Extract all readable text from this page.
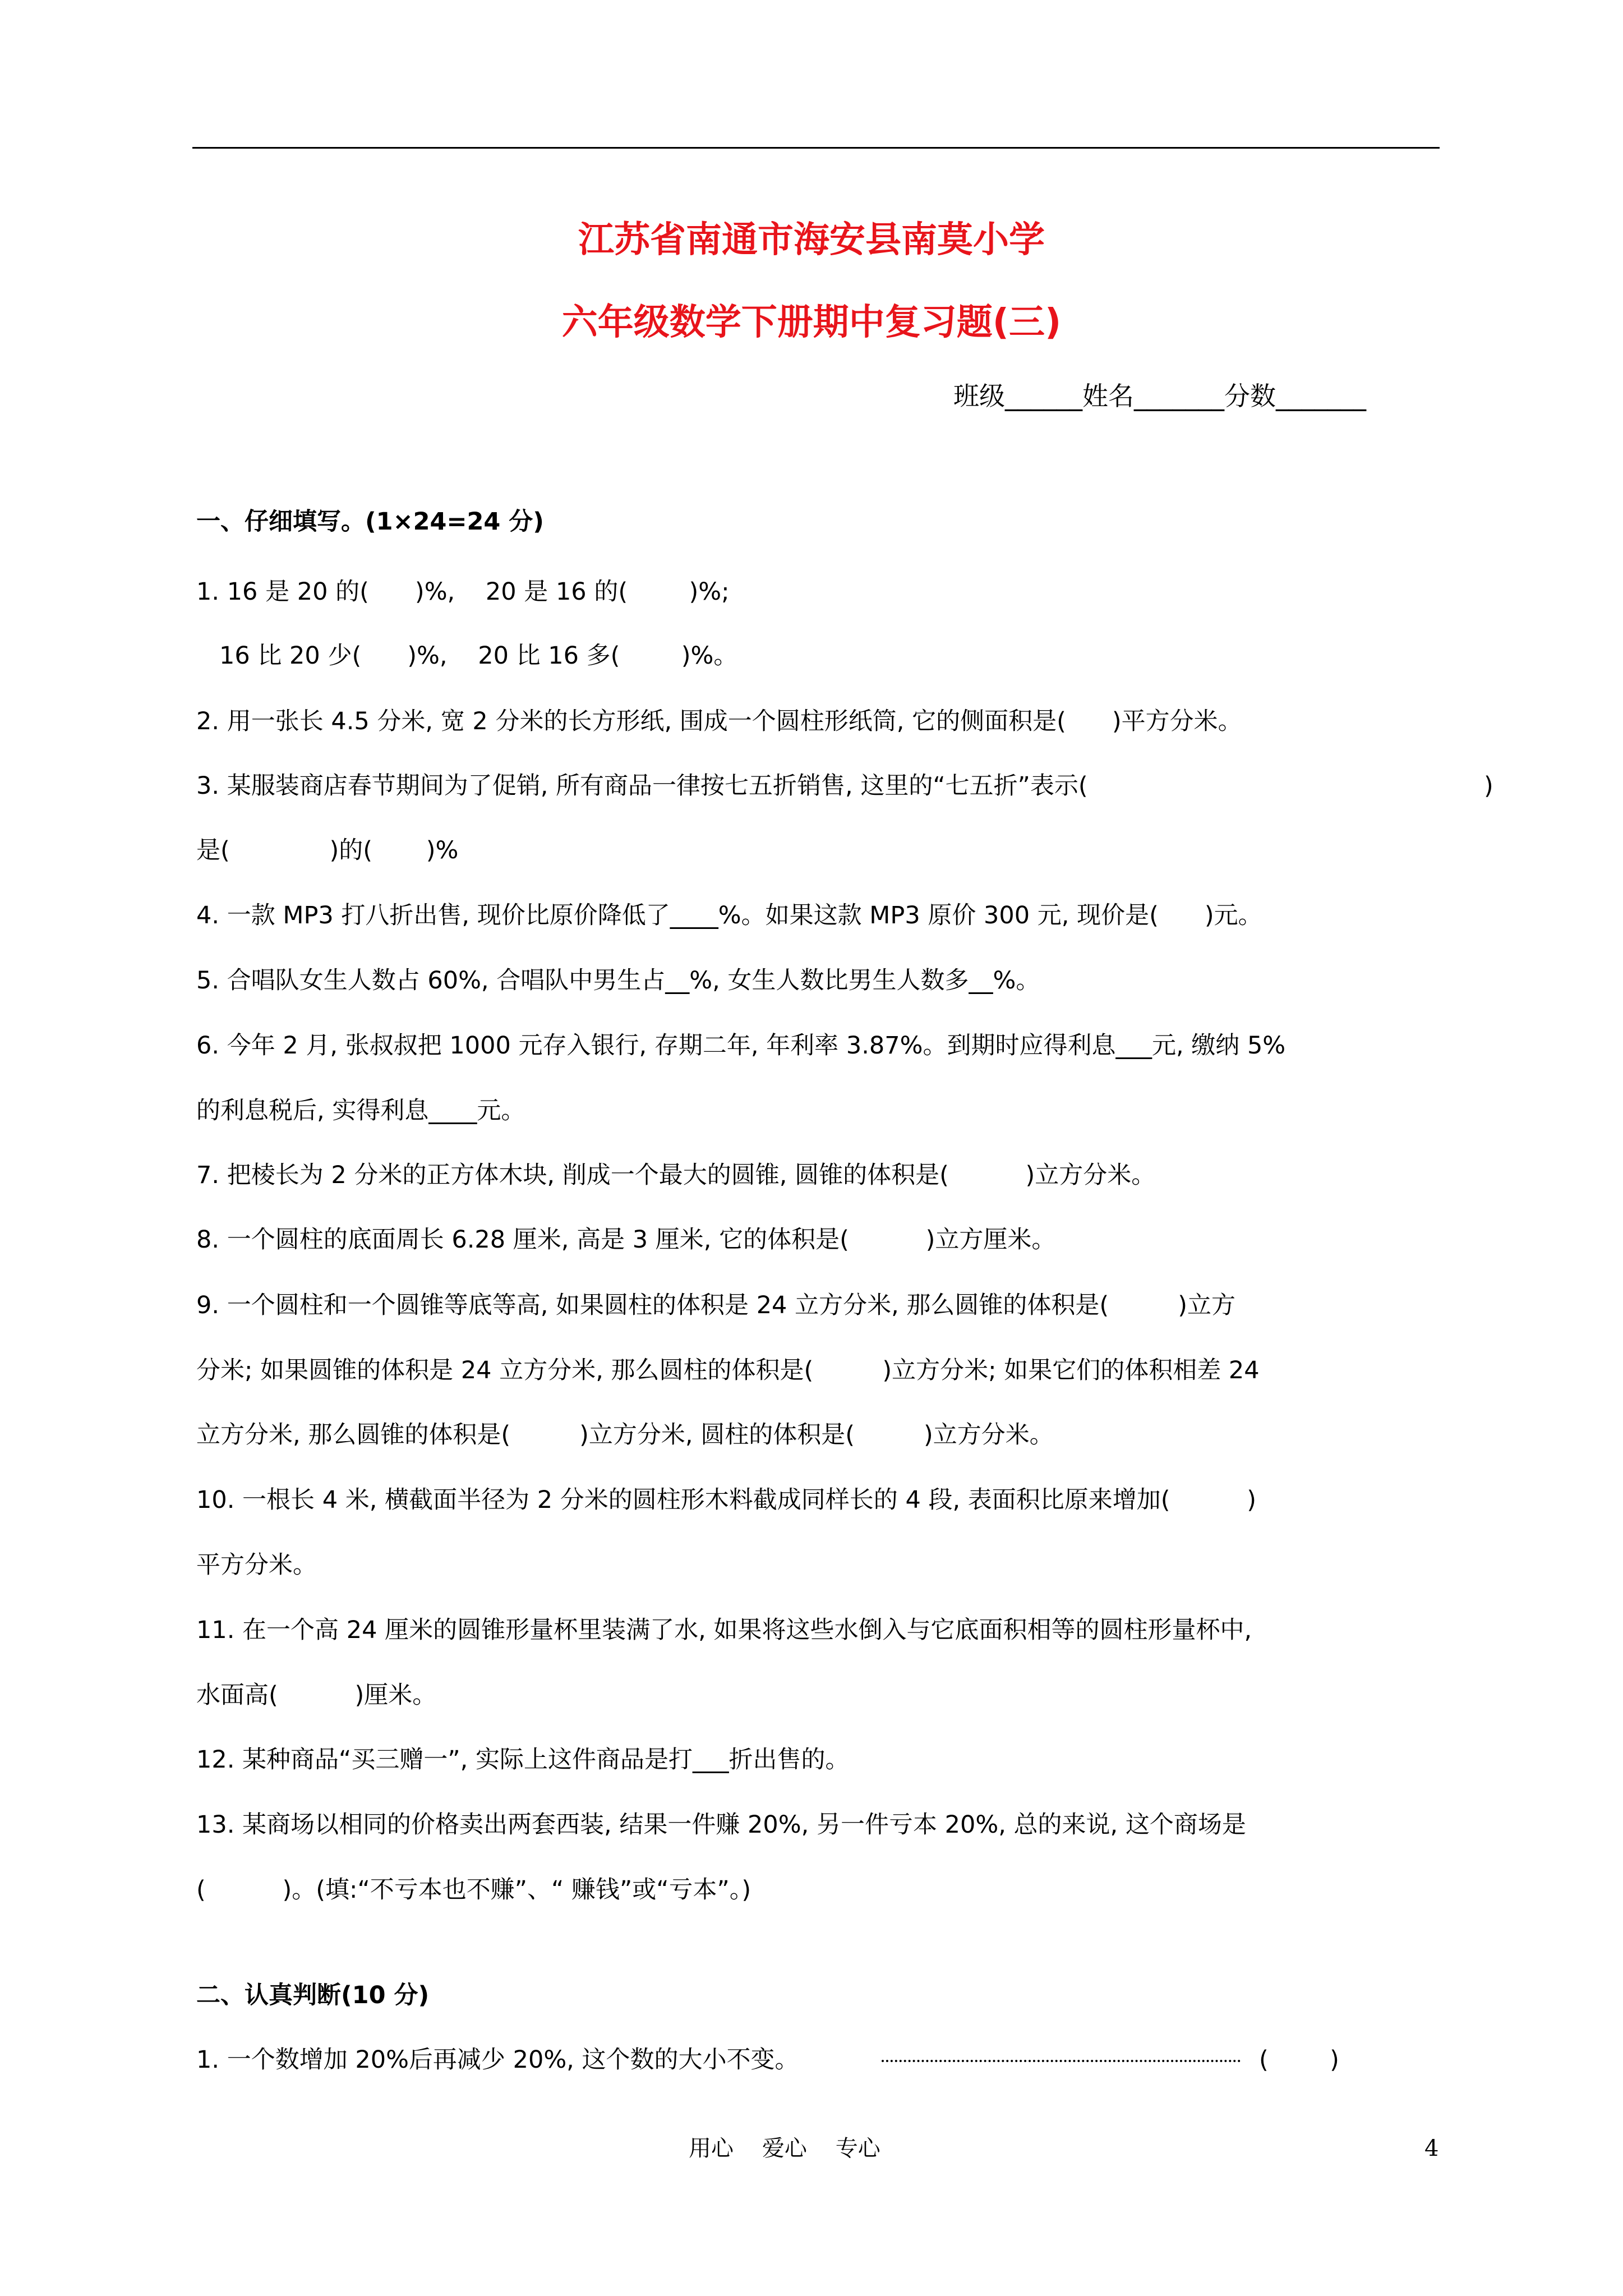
江苏省南通市海安县南莫小学
六年级数学下册期中复习题(三)
班级______姓名_______分数_______
一、仔细填写。(1×24=24 分)
1. 16 是 20 的(      )%,    20 是 16 的(        )%;
16 比 20 少(      )%,    20 比 16 多(        )%。
2. 用一张长 4.5 分米, 宽 2 分米的长方形纸, 围成一个圆柱形纸筒, 它的侧面积是(      )平方分米。
3. 某服装商店春节期间为了促销, 所有商品一律按七五折销售, 这里的“七五折”表示(	)
是(             )的(       )%
4. 一款 MP3 打八折出售, 现价比原价降低了____%。如果这款 MP3 原价 300 元, 现价是(      )元。
5. 合唱队女生人数占 60%, 合唱队中男生占__%, 女生人数比男生人数多__%。
6. 今年 2 月, 张叔叔把 1000 元存入银行, 存期二年, 年利率 3.87%。到期时应得利息___元, 缴纳 5%
的利息税后, 实得利息____元。
7. 把棱长为 2 分米的正方体木块, 削成一个最大的圆锥, 圆锥的体积是(          )立方分米。
8. 一个圆柱的底面周长 6.28 厘米, 高是 3 厘米, 它的体积是(          )立方厘米。
9. 一个圆柱和一个圆锥等底等高, 如果圆柱的体积是 24 立方分米, 那么圆锥的体积是(         )立方
分米; 如果圆锥的体积是 24 立方分米, 那么圆柱的体积是(         )立方分米; 如果它们的体积相差 24
立方分米, 那么圆锥的体积是(         )立方分米, 圆柱的体积是(         )立方分米。
10. 一根长 4 米, 横截面半径为 2 分米的圆柱形木料截成同样长的 4 段, 表面积比原来增加(          )
平方分米。
11. 在一个高 24 厘米的圆锥形量杯里装满了水, 如果将这些水倒入与它底面积相等的圆柱形量杯中,
水面高(          )厘米。
12. 某种商品“买三赠一”, 实际上这件商品是打___折出售的。
13. 某商场以相同的价格卖出两套西装, 结果一件赚 20%, 另一件亏本 20%, 总的来说, 这个商场是
(          )。(填:“不亏本也不赚”、“ 赚钱”或“亏本”。)
二、认真判断(10 分)
1. 一个数增加 20%后再减少 20%, 这个数的大小不变。	(        )
用心    爱心    专心	4
